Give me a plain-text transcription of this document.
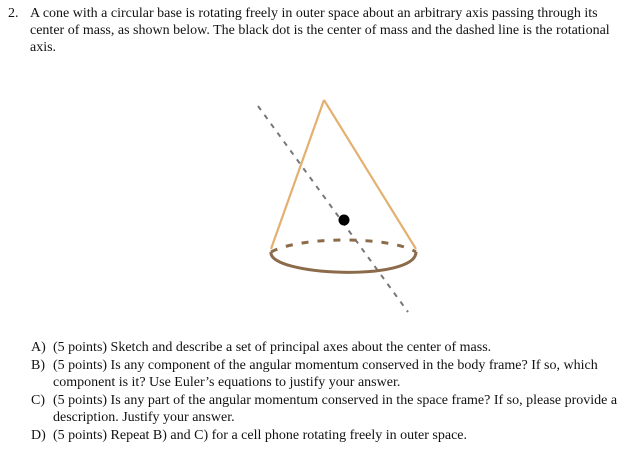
2. A cone with a circular base is rotating freely in outer space about an arbitrary axis passing through its center of mass, as shown below. The black dot is the center of mass and the dashed line is the rotational axis.
A) (5 points) Sketch and describe a set of principal axes about the center of mass.
B) (5 points) Is any component of the angular momentum conserved in the body frame? If so, which component is it? Use Euler’s equations to justify your answer.
C) (5 points) Is any part of the angular momentum conserved in the space frame? If so, please provide a description. Justify your answer.
D) (5 points) Repeat B) and C) for a cell phone rotating freely in outer space.
